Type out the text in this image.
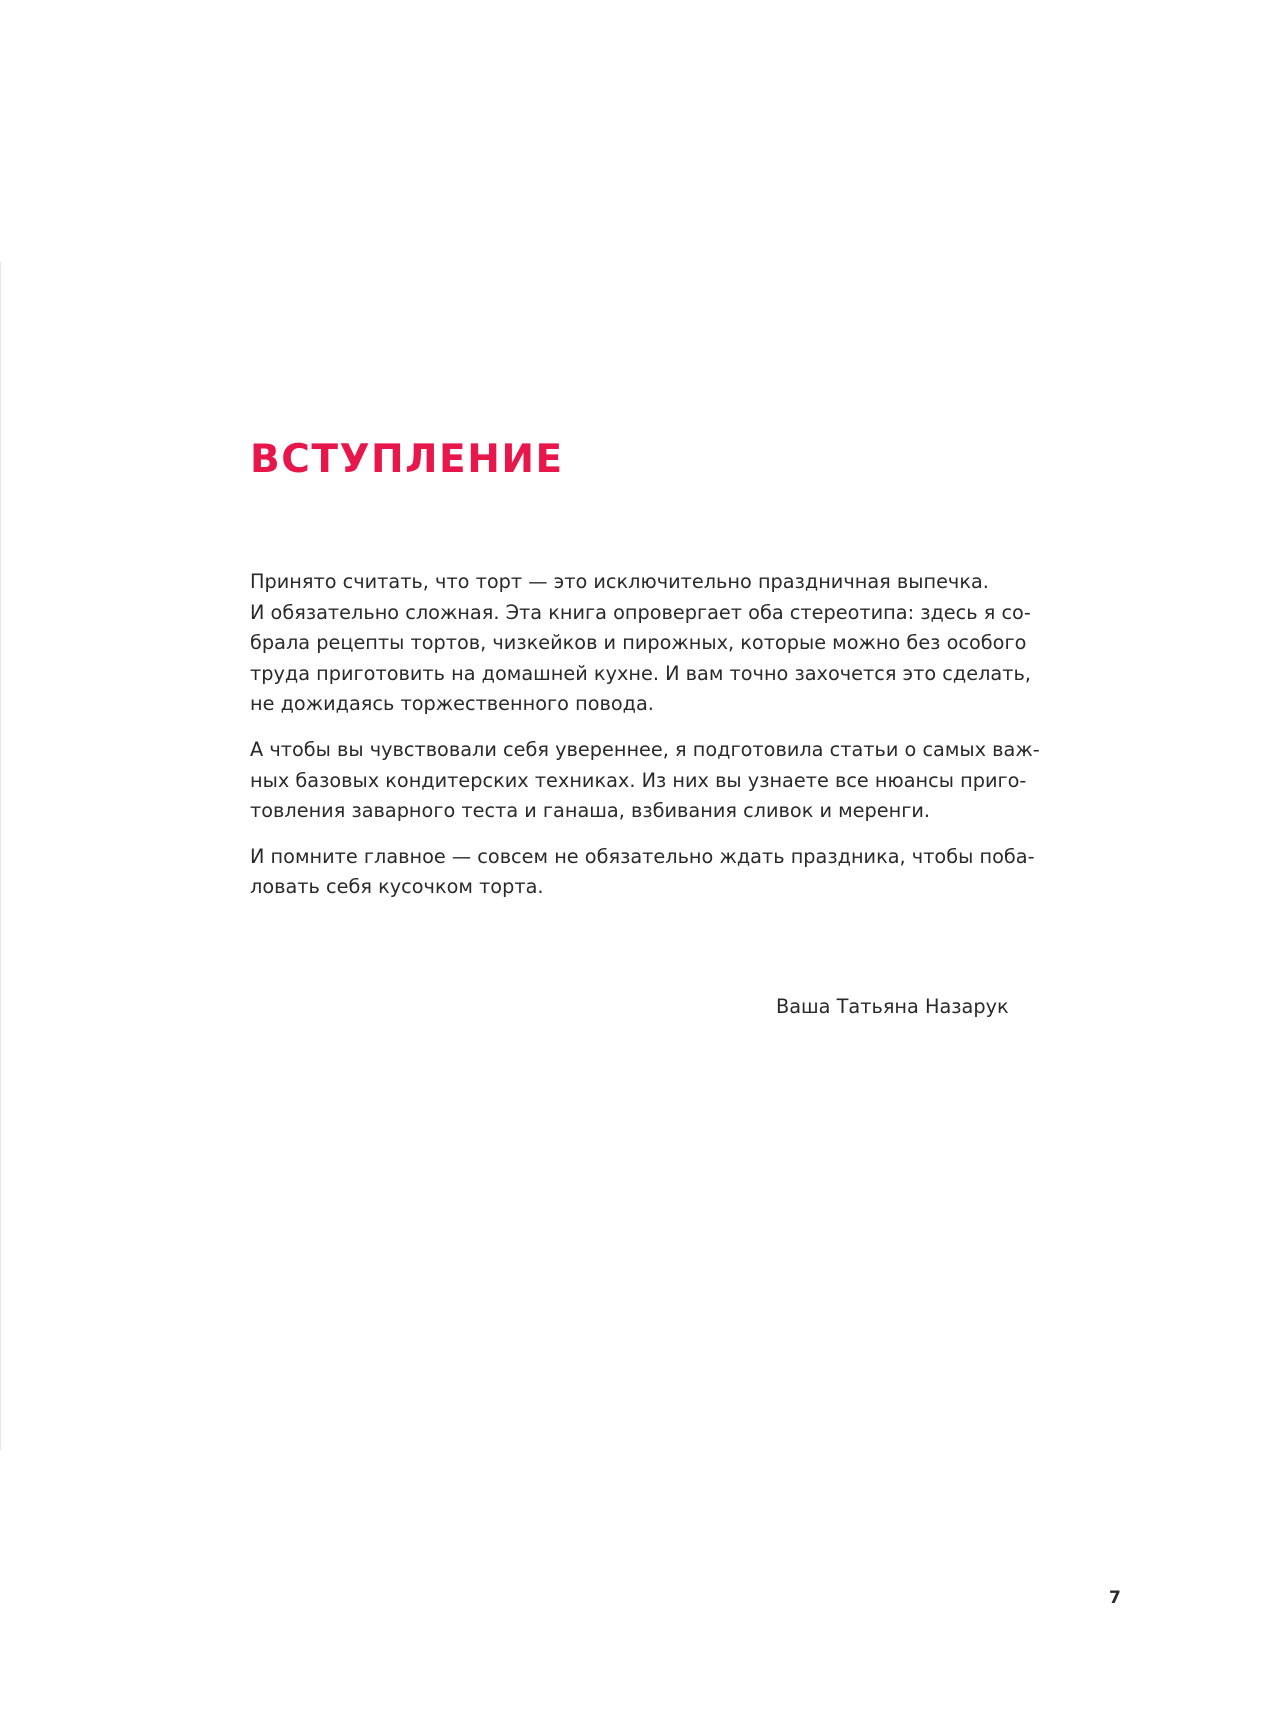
ВСТУПЛЕНИЕ

Принято считать, что торт — это исключительно праздничная выпечка.
И обязательно сложная. Эта книга опровергает оба стереотипа: здесь я со-
брала рецепты тортов, чизкейков и пирожных, которые можно без особого
труда приготовить на домашней кухне. И вам точно захочется это сделать,
не дожидаясь торжественного повода.

А чтобы вы чувствовали себя увереннее, я подготовила статьи о самых важ-
ных базовых кондитерских техниках. Из них вы узнаете все нюансы приго-
товления заварного теста и ганаша, взбивания сливок и меренги.

И помните главное — совсем не обязательно ждать праздника, чтобы поба-
ловать себя кусочком торта.

Ваша Татьяна Назарук
7
